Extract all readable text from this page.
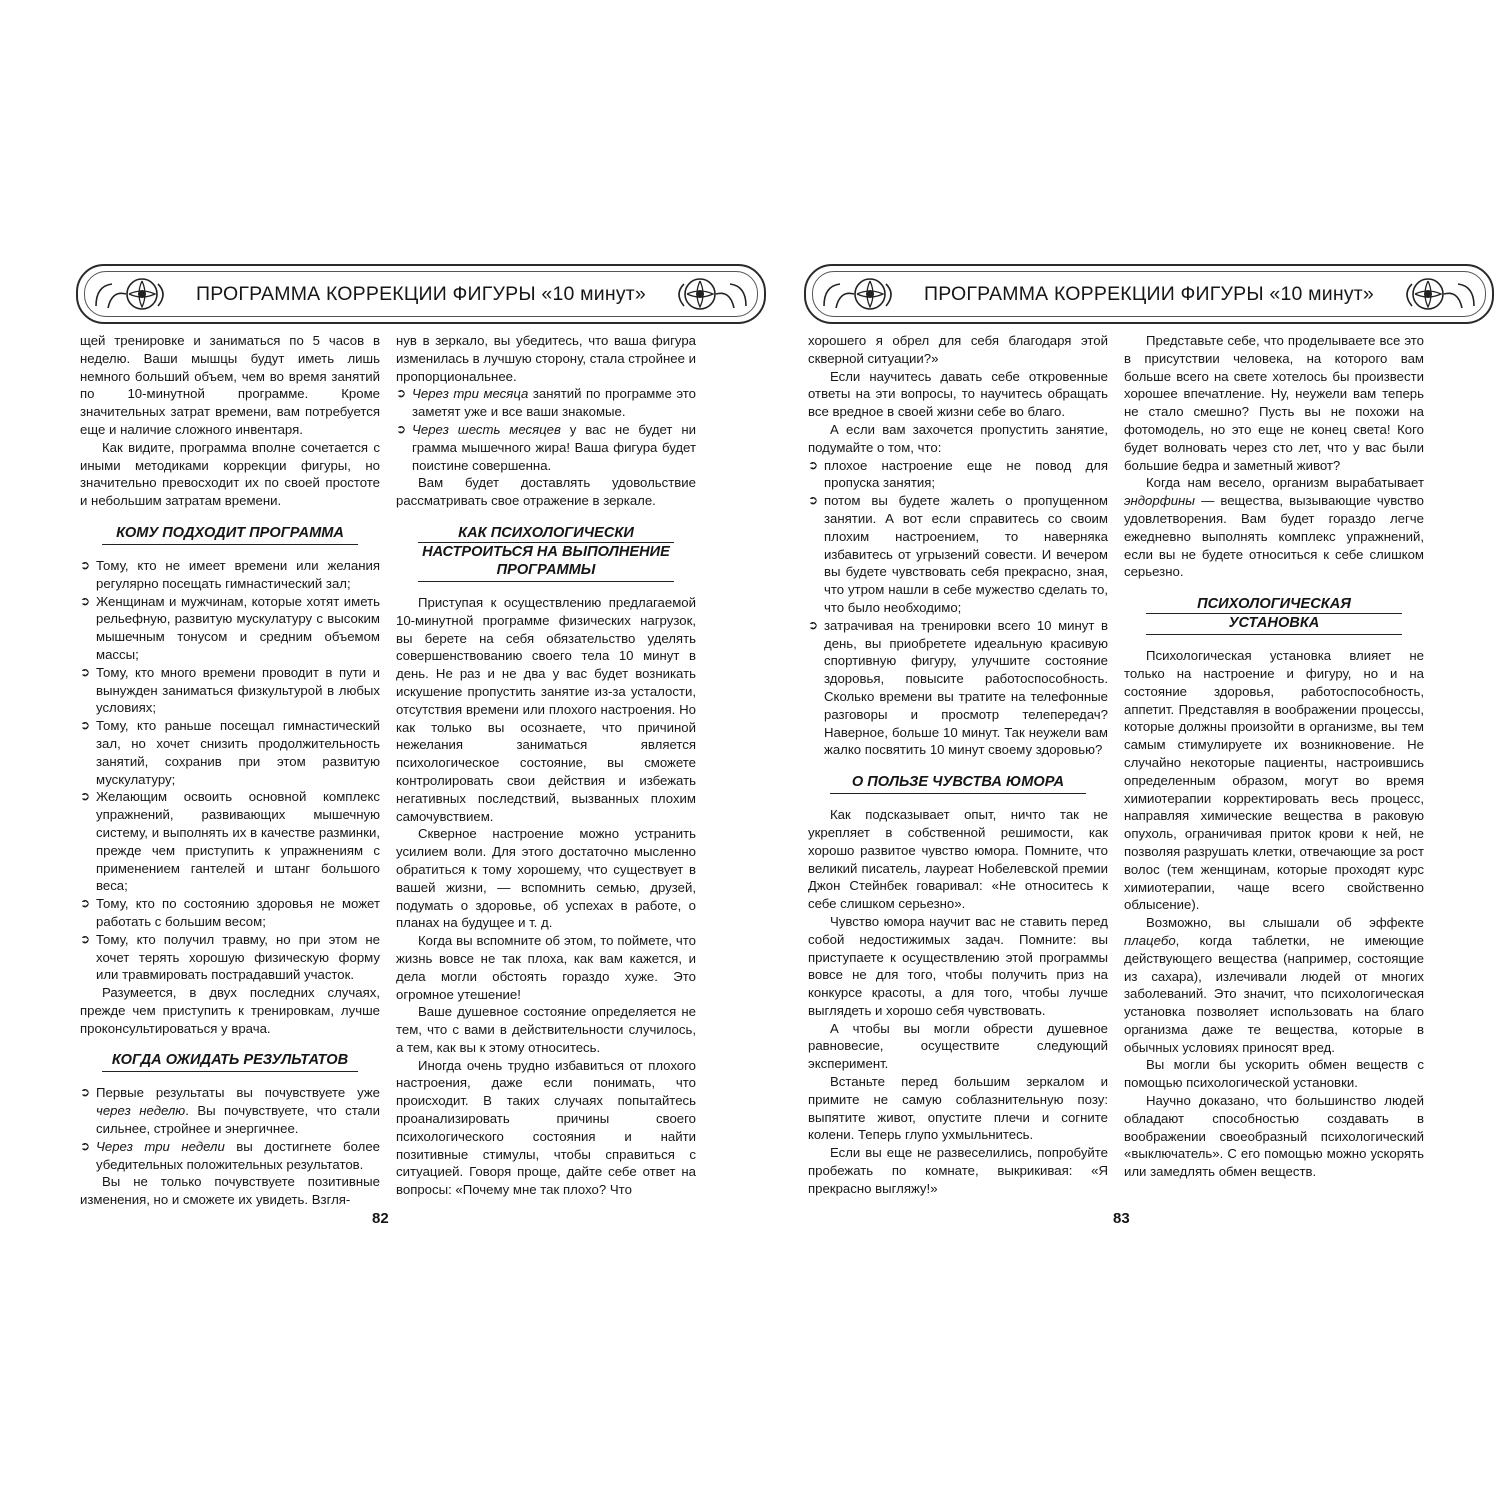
ПРОГРАММА КОРРЕКЦИИ ФИГУРЫ «10 минут»

щей тренировке и заниматься по 5 часов в неделю. Ваши мышцы будут иметь лишь немного больший объем, чем во время занятий по 10-минутной программе. Кроме значительных затрат времени, вам потребуется еще и наличие сложного инвентаря.

Как видите, программа вполне сочетается с иными методиками коррекции фигуры, но значительно превосходит их по своей простоте и небольшим затратам времени.

КОМУ ПОДХОДИТ ПРОГРАММА
➲ Тому, кто не имеет времени или желания регулярно посещать гимнастический зал;
➲ Женщинам и мужчинам, которые хотят иметь рельефную, развитую мускулатуру с высоким мышечным тонусом и средним объемом массы;
➲ Тому, кто много времени проводит в пути и вынужден заниматься физкультурой в любых условиях;
➲ Тому, кто раньше посещал гимнастический зал, но хочет снизить продолжительность занятий, сохранив при этом развитую мускулатуру;
➲ Желающим освоить основной комплекс упражнений, развивающих мышечную систему, и выполнять их в качестве разминки, прежде чем приступить к упражнениям с применением гантелей и штанг большого веса;
➲ Тому, кто по состоянию здоровья не может работать с большим весом;
➲ Тому, кто получил травму, но при этом не хочет терять хорошую физическую форму или травмировать пострадавший участок.

Разумеется, в двух последних случаях, прежде чем приступить к тренировкам, лучше проконсультироваться у врача.

КОГДА ОЖИДАТЬ РЕЗУЛЬТАТОВ
➲ Первые результаты вы почувствуете уже через неделю. Вы почувствуете, что стали сильнее, стройнее и энергичнее.
➲ Через три недели вы достигнете более убедительных положительных результатов.

Вы не только почувствуете позитивные изменения, но и сможете их увидеть. Взгля-

нув в зеркало, вы убедитесь, что ваша фигура изменилась в лучшую сторону, стала стройнее и пропорциональнее.

➲ Через три месяца занятий по программе это заметят уже и все ваши знакомые.
➲ Через шесть месяцев у вас не будет ни грамма мышечного жира! Ваша фигура будет поистине совершенна.

Вам будет доставлять удовольствие рассматривать свое отражение в зеркале.

КАК ПСИХОЛОГИЧЕСКИ
НАСТРОИТЬСЯ НА ВЫПОЛНЕНИЕ ПРОГРАММЫ

Приступая к осуществлению предлагаемой 10-минутной программе физических нагрузок, вы берете на себя обязательство уделять совершенствованию своего тела 10 минут в день. Не раз и не два у вас будет возникать искушение пропустить занятие из-за усталости, отсутствия времени или плохого настроения. Но как только вы осознаете, что причиной нежелания заниматься является психологическое состояние, вы сможете контролировать свои действия и избежать негативных последствий, вызванных плохим самочувствием.

Скверное настроение можно устранить усилием воли. Для этого достаточно мысленно обратиться к тому хорошему, что существует в вашей жизни, — вспомнить семью, друзей, подумать о здоровье, об успехах в работе, о планах на будущее и т. д.

Когда вы вспомните об этом, то поймете, что жизнь вовсе не так плоха, как вам кажется, и дела могли обстоять гораздо хуже. Это огромное утешение!

Ваше душевное состояние определяется не тем, что с вами в действительности случилось, а тем, как вы к этому относитесь.

Иногда очень трудно избавиться от плохого настроения, даже если понимать, что происходит. В таких случаях попытайтесь проанализировать причины своего психологического состояния и найти позитивные стимулы, чтобы справиться с ситуацией. Говоря проще, дайте себе ответ на вопросы: «Почему мне так плохо? Что

82
ПРОГРАММА КОРРЕКЦИИ ФИГУРЫ «10 минут»

хорошего я обрел для себя благодаря этой скверной ситуации?»

Если научитесь давать себе откровенные ответы на эти вопросы, то научитесь обращать все вредное в своей жизни себе во благо.

А если вам захочется пропустить занятие, подумайте о том, что:

➲ плохое настроение еще не повод для пропуска занятия;
➲ потом вы будете жалеть о пропущенном занятии. А вот если справитесь со своим плохим настроением, то наверняка избавитесь от угрызений совести. И вечером вы будете чувствовать себя прекрасно, зная, что утром нашли в себе мужество сделать то, что было необходимо;
➲ затрачивая на тренировки всего 10 минут в день, вы приобретете идеальную красивую спортивную фигуру, улучшите состояние здоровья, повысите работоспособность. Сколько времени вы тратите на телефонные разговоры и просмотр телепередач? Наверное, больше 10 минут. Так неужели вам жалко посвятить 10 минут своему здоровью?
О ПОЛЬЗЕ ЧУВСТВА ЮМОРА

Как подсказывает опыт, ничто так не укрепляет в собственной решимости, как хорошо развитое чувство юмора. Помните, что великий писатель, лауреат Нобелевской премии Джон Стейнбек говаривал: «Не относитесь к себе слишком серьезно».

Чувство юмора научит вас не ставить перед собой недостижимых задач. Помните: вы приступаете к осуществлению этой программы вовсе не для того, чтобы получить приз на конкурсе красоты, а для того, чтобы лучше выглядеть и хорошо себя чувствовать.

А чтобы вы могли обрести душевное равновесие, осуществите следующий эксперимент.

Встаньте перед большим зеркалом и примите не самую соблазнительную позу: выпятите живот, опустите плечи и согните колени. Теперь глупо ухмыльнитесь.

Если вы еще не развеселились, попробуйте пробежать по комнате, выкрикивая: «Я прекрасно выгляжу!»

Представьте себе, что проделываете все это в присутствии человека, на которого вам больше всего на свете хотелось бы произвести хорошее впечатление. Ну, неужели вам теперь не стало смешно? Пусть вы не похожи на фотомодель, но это еще не конец света! Кого будет волновать через сто лет, что у вас были большие бедра и заметный живот?

Когда нам весело, организм вырабатывает эндорфины — вещества, вызывающие чувство удовлетворения. Вам будет гораздо легче ежедневно выполнять комплекс упражнений, если вы не будете относиться к себе слишком серьезно.

ПСИХОЛОГИЧЕСКАЯ
УСТАНОВКА

Психологическая установка влияет не только на настроение и фигуру, но и на состояние здоровья, работоспособность, аппетит. Представляя в воображении процессы, которые должны произойти в организме, вы тем самым стимулируете их возникновение. Не случайно некоторые пациенты, настроившись определенным образом, могут во время химиотерапии корректировать весь процесс, направляя химические вещества в раковую опухоль, ограничивая приток крови к ней, не позволяя разрушать клетки, отвечающие за рост волос (тем женщинам, которые проходят курс химиотерапии, чаще всего свойственно облысение).

Возможно, вы слышали об эффекте плацебо, когда таблетки, не имеющие действующего вещества (например, состоящие из сахара), излечивали людей от многих заболеваний. Это значит, что психологическая установка позволяет использовать на благо организма даже те вещества, которые в обычных условиях приносят вред.

Вы могли бы ускорить обмен веществ с помощью психологической установки.

Научно доказано, что большинство людей обладают способностью создавать в воображении своеобразный психологический «выключатель». С его помощью можно ускорять или замедлять обмен веществ.

83
